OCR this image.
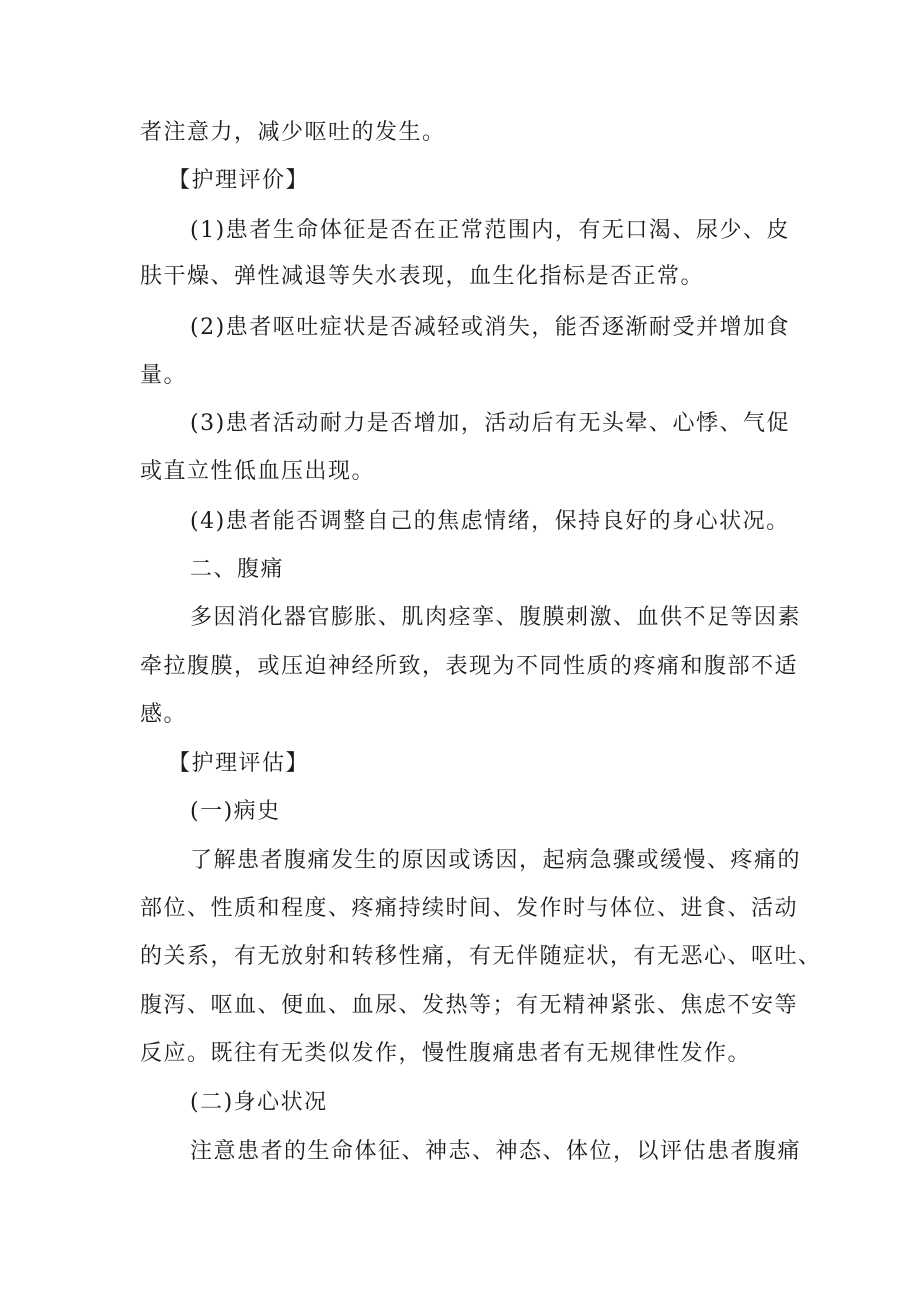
者注意力，减少呕吐的发生。
【护理评价】
(1)患者生命体征是否在正常范围内，有无口渴、尿少、皮
肤干燥、弹性减退等失水表现，血生化指标是否正常。
(2)患者呕吐症状是否减轻或消失，能否逐渐耐受并增加食
量。
(3)患者活动耐力是否增加，活动后有无头晕、心悸、气促
或直立性低血压出现。
(4)患者能否调整自己的焦虑情绪，保持良好的身心状况。
二、腹痛
多因消化器官膨胀、肌肉痉挛、腹膜刺激、血供不足等因素
牵拉腹膜，或压迫神经所致，表现为不同性质的疼痛和腹部不适
感。
【护理评估】
(一)病史
了解患者腹痛发生的原因或诱因，起病急骤或缓慢、疼痛的
部位、性质和程度、疼痛持续时间、发作时与体位、进食、活动
的关系，有无放射和转移性痛，有无伴随症状，有无恶心、呕吐、
腹泻、呕血、便血、血尿、发热等；有无精神紧张、焦虑不安等
反应。既往有无类似发作，慢性腹痛患者有无规律性发作。
(二)身心状况
注意患者的生命体征、神志、神态、体位，以评估患者腹痛
